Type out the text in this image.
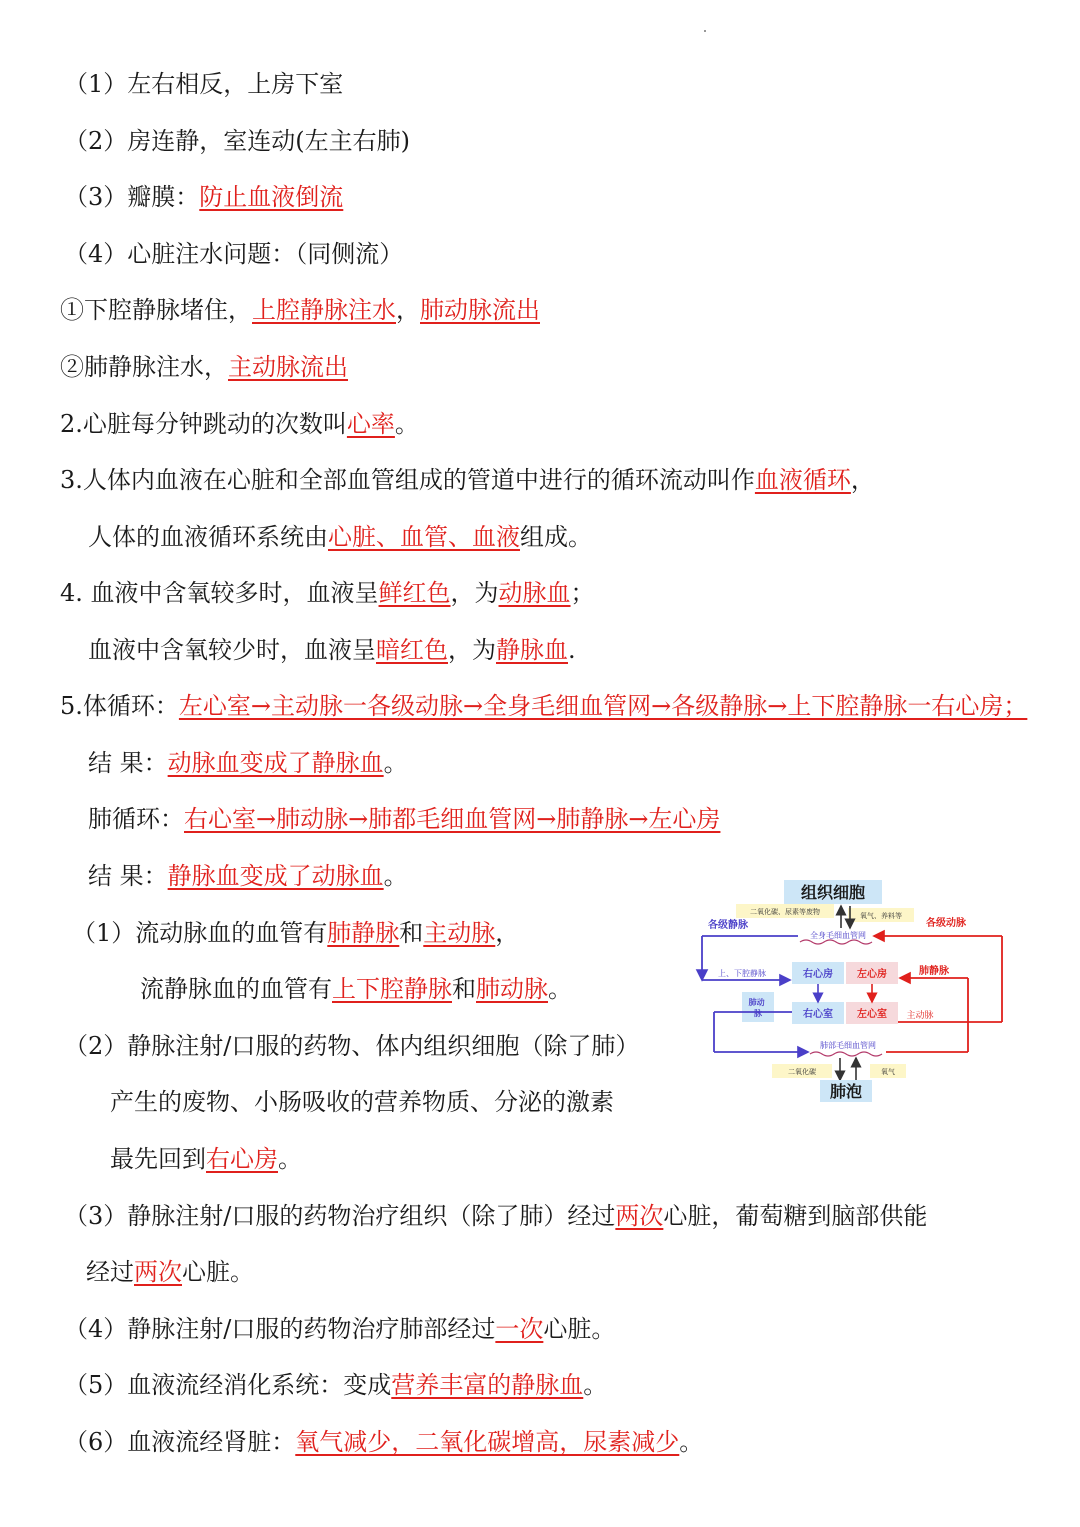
（1）左右相反，上房下室
（2）房连静，室连动(左主右肺)
（3）瓣膜：防止血液倒流
（4）心脏注水问题：（同侧流）
①下腔静脉堵住，上腔静脉注水，肺动脉流出
②肺静脉注水，主动脉流出
2.心脏每分钟跳动的次数叫心率。
3.人体内血液在心脏和全部血管组成的管道中进行的循环流动叫作血液循环，
人体的血液循环系统由心脏、血管、血液组成。
4. 血液中含氧较多时，血液呈鲜红色，为动脉血；
血液中含氧较少时，血液呈暗红色，为静脉血.
5.体循环：左心室→主动脉一各级动脉→全身毛细血管网→各级静脉→上下腔静脉一右心房；
结 果：动脉血变成了静脉血。
肺循环：右心室→肺动脉→肺都毛细血管网→肺静脉→左心房
结 果：静脉血变成了动脉血。
（1）流动脉血的血管有肺静脉和主动脉，
流静脉血的血管有上下腔静脉和肺动脉。
（2）静脉注射/口服的药物、体内组织细胞（除了肺）
产生的废物、小肠吸收的营养物质、分泌的激素
最先回到右心房。
（3）静脉注射/口服的药物治疗组织（除了肺）经过两次心脏，葡萄糖到脑部供能
经过两次心脏。
（4）静脉注射/口服的药物治疗肺部经过一次心脏。
（5）血液流经消化系统：变成营养丰富的静脉血。
（6）血液流经肾脏：氧气减少，二氧化碳增高，尿素减少。
组织细胞
二氧化碳、尿素等废物	氧气、养料等
全身毛细血管网
各级静脉	各级动脉
右心房 左心房
右心室 左心室
上、下腔静脉	肺静脉
主动脉
肺动 脉
肺部毛细血管网
二氧化碳	氧气
肺泡
